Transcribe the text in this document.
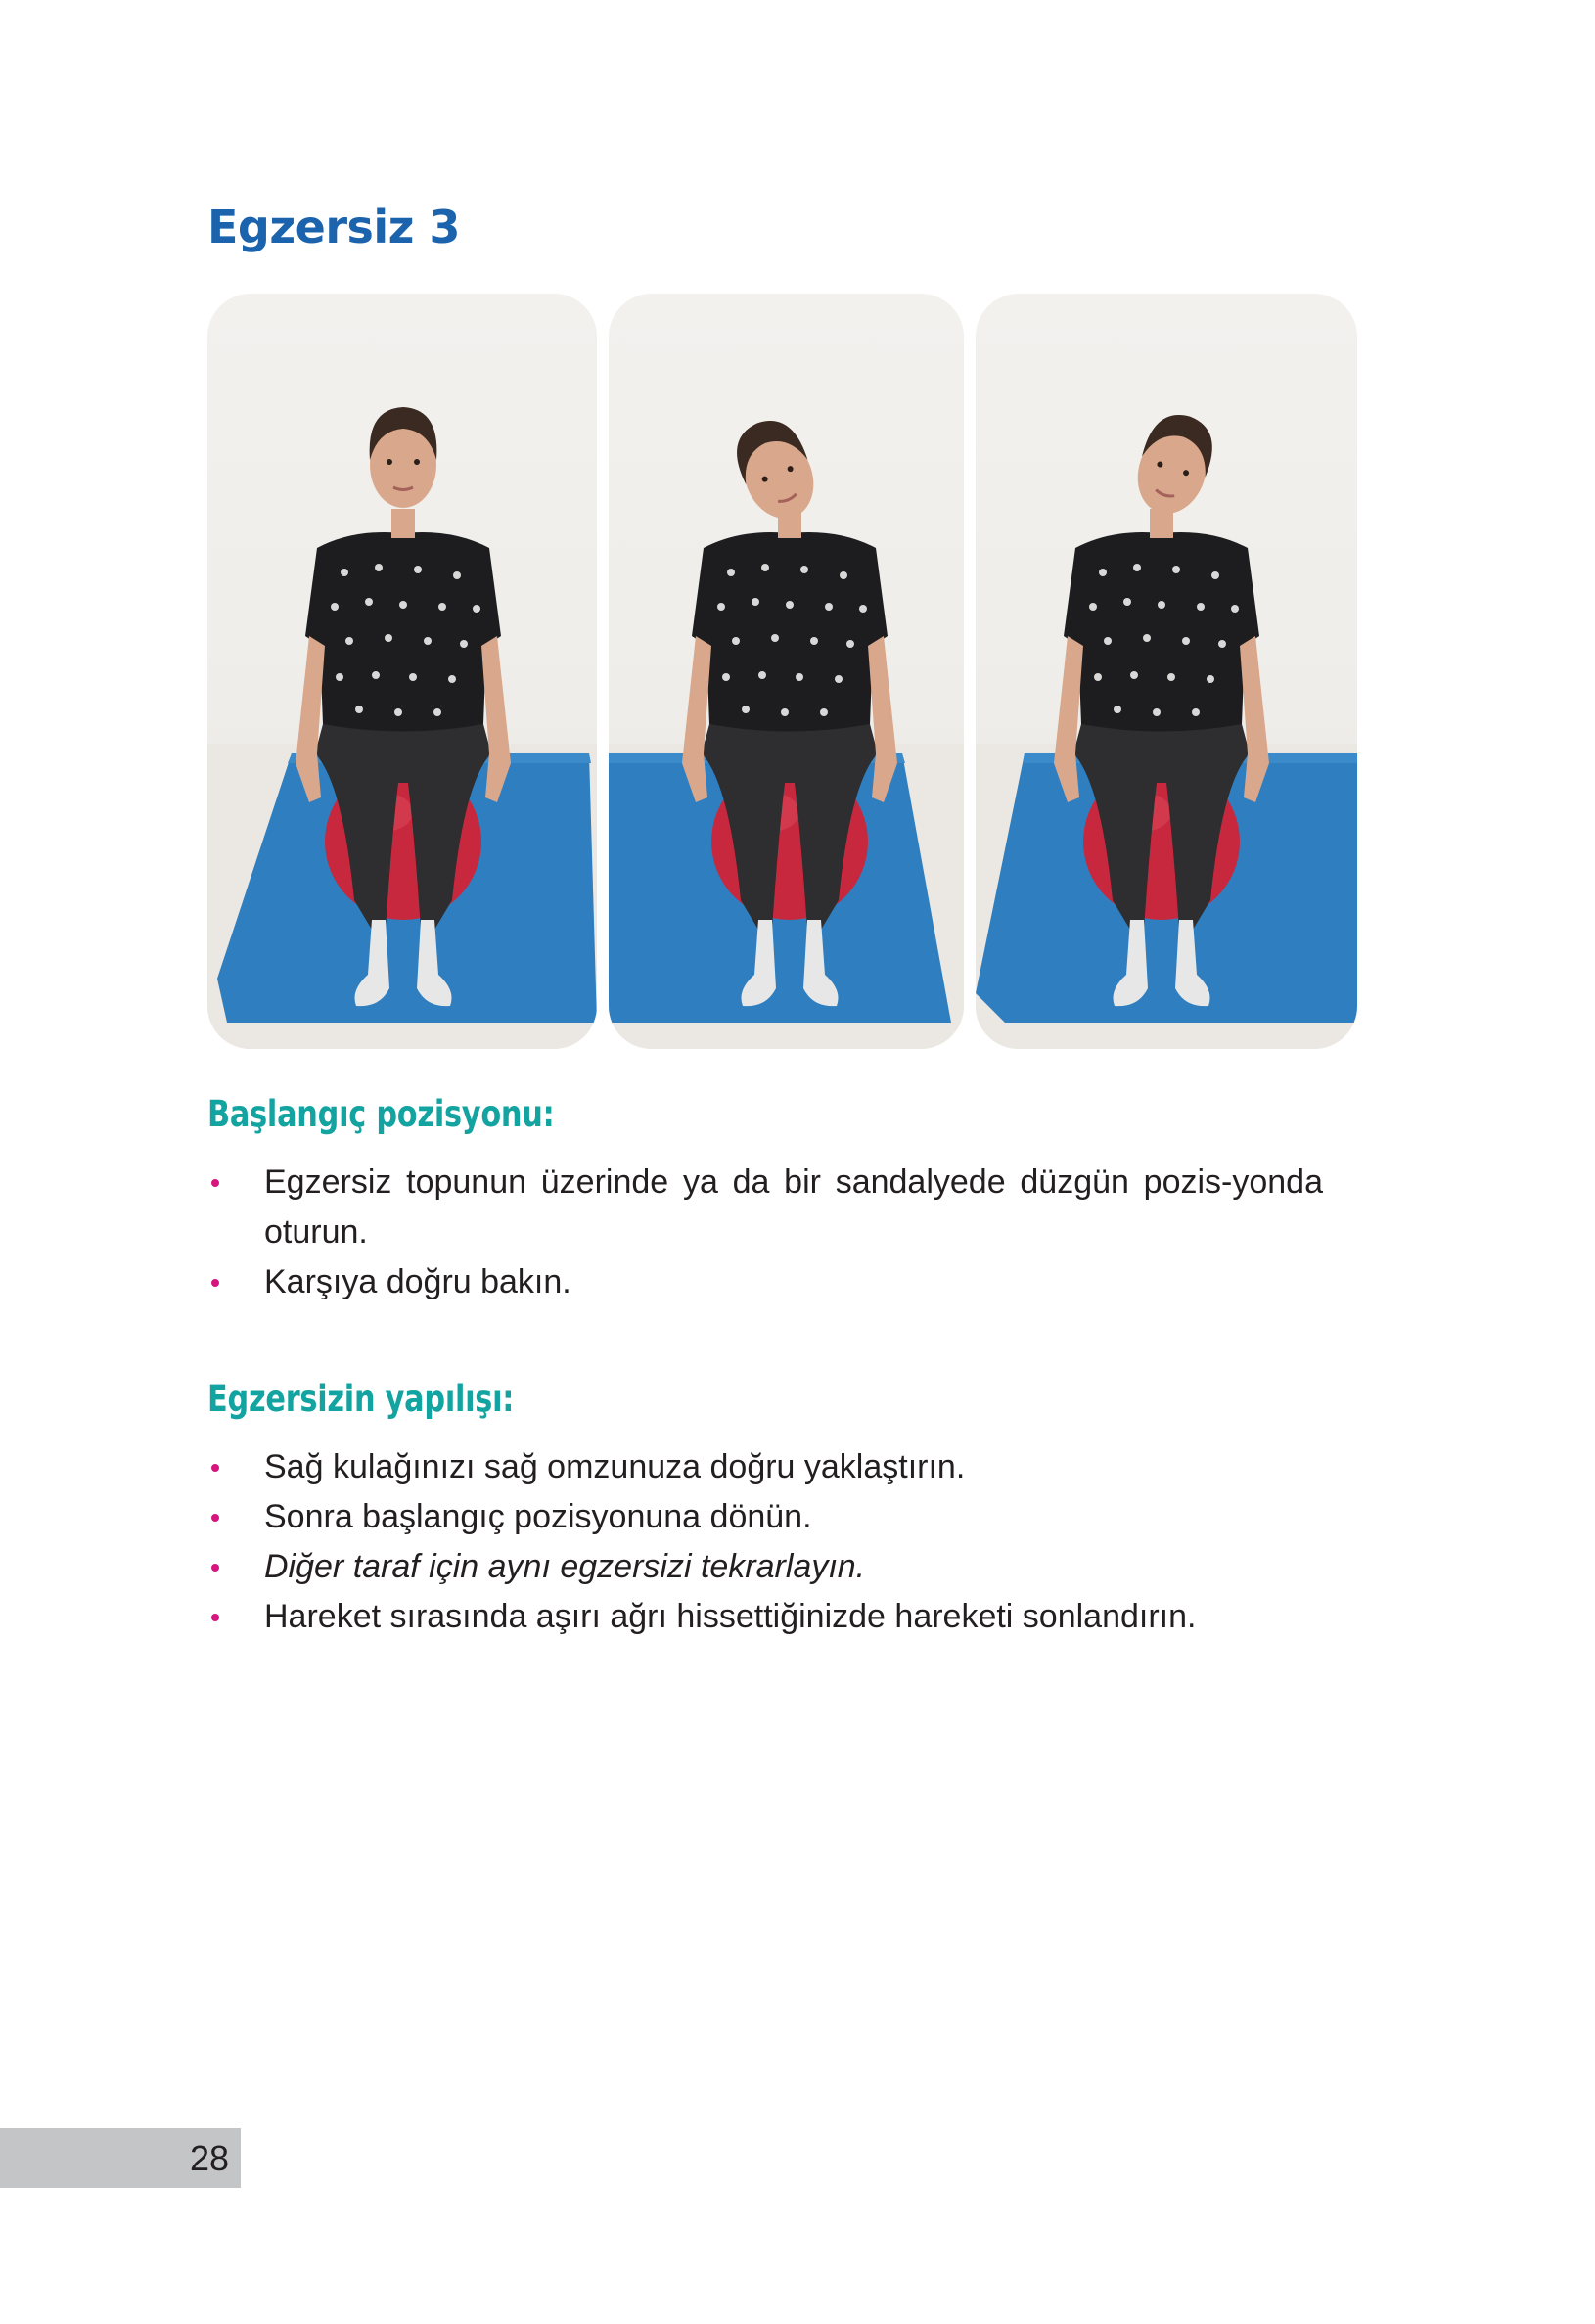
Egzersiz 3
Başlangıç pozisyonu:
Egzersiz topunun üzerinde ya da bir sandalyede düzgün pozis-yonda oturun.
Karşıya doğru bakın.
Egzersizin yapılışı:
Sağ kulağınızı sağ omzunuza doğru yaklaştırın.
Sonra başlangıç pozisyonuna dönün.
Diğer taraf için aynı egzersizi tekrarlayın.
Hareket sırasında aşırı ağrı hissettiğinizde hareketi sonlandırın.
28
